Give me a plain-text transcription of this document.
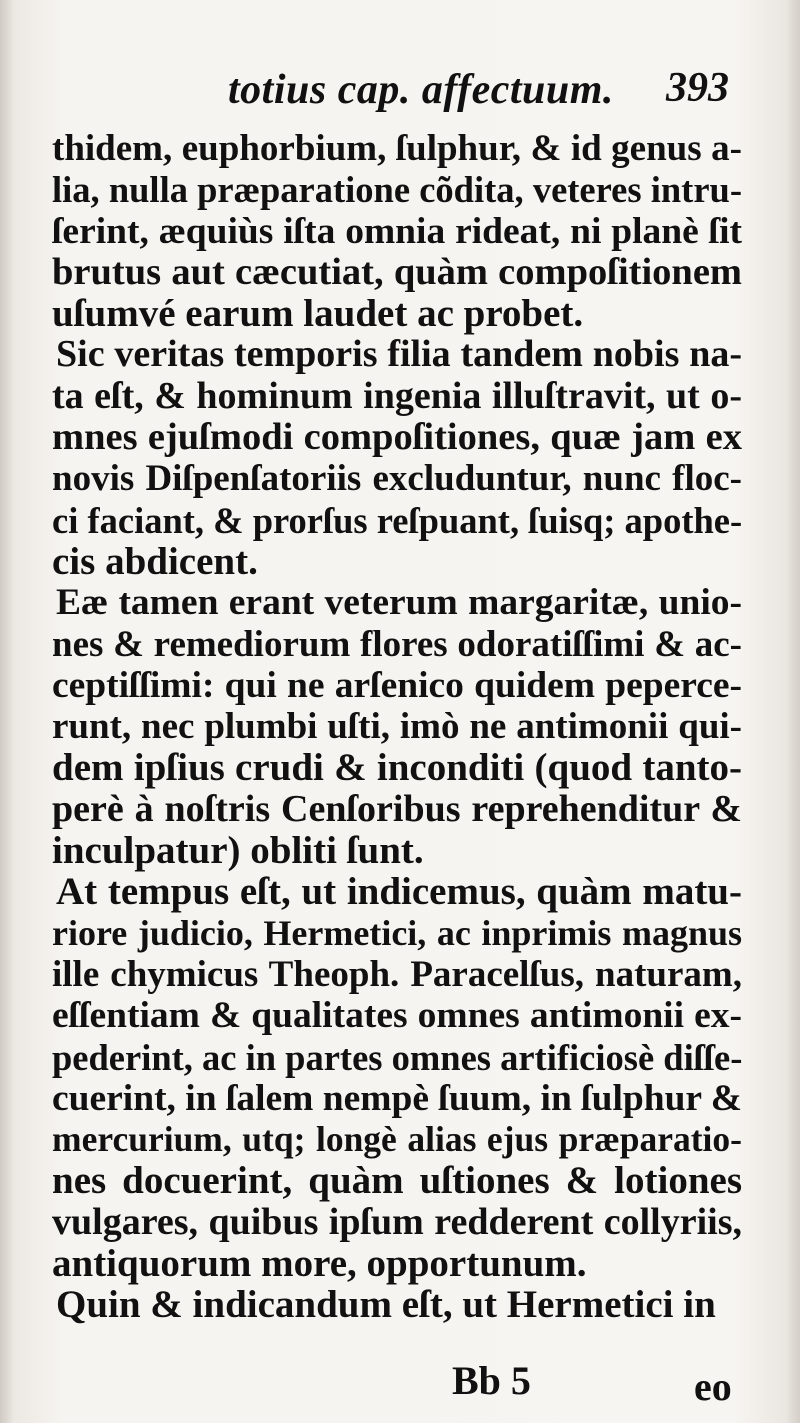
totius cap. affectuum. 393
thidem, euphorbium, ſulphur, & id genus a-
lia, nulla præparatione cõdita, veteres intru-
ſerint, æquiùs iſta omnia rideat, ni planè ſit
brutus aut cæcutiat, quàm compoſitionem
uſumvé earum laudet ac probet.
Sic veritas temporis filia tandem nobis na-
ta eſt, & hominum ingenia illuſtravit, ut o-
mnes ejuſmodi compoſitiones, quæ jam ex
novis Diſpenſatoriis excluduntur, nunc floc-
ci faciant, & prorſus reſpuant, ſuisq; apothe-
cis abdicent.
Eæ tamen erant veterum margaritæ, unio-
nes & remediorum flores odoratiſſimi & ac-
ceptiſſimi: qui ne arſenico quidem peperce-
runt, nec plumbi uſti, imò ne antimonii qui-
dem ipſius crudi & inconditi (quod tanto-
perè à noſtris Cenſoribus reprehenditur &
inculpatur) obliti ſunt.
At tempus eſt, ut indicemus, quàm matu-
riore judicio, Hermetici, ac inprimis magnus
ille chymicus Theoph. Paracelſus, naturam,
eſſentiam & qualitates omnes antimonii ex-
pederint, ac in partes omnes artificiosè diſſe-
cuerint, in ſalem nempè ſuum, in ſulphur &
mercurium, utq; longè alias ejus præparatio-
nes docuerint, quàm uſtiones & lotiones
vulgares, quibus ipſum redderent collyriis,
antiquorum more, opportunum.
Quin & indicandum eſt, ut Hermetici in
Bb 5	eo
